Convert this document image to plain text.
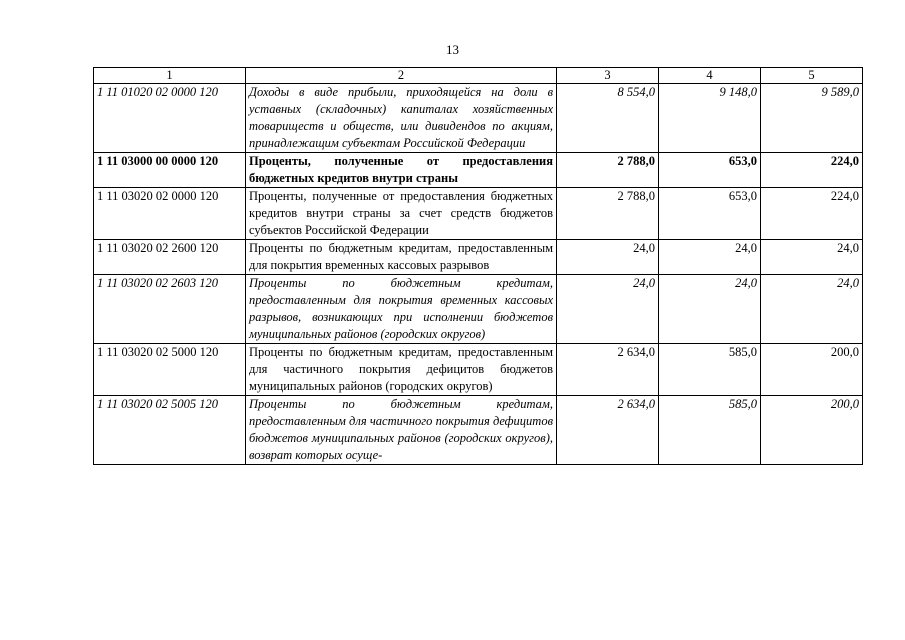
13
1	2	3	4	5
1 11 01020 02 0000 120	Доходы в виде прибыли, приходящейся на доли в уставных (складочных) капиталах хозяйственных товариществ и обществ, или дивидендов по акциям, принадлежащим субъектам Российской Федерации	8 554,0	9 148,0	9 589,0
1 11 03000 00 0000 120	Проценты, полученные от предоставления бюджетных кредитов внутри страны	2 788,0	653,0	224,0
1 11 03020 02 0000 120	Проценты, полученные от предоставления бюджетных кредитов внутри страны за счет средств бюджетов субъектов Российской Федерации	2 788,0	653,0	224,0
1 11 03020 02 2600 120	Проценты по бюджетным кредитам, предоставленным для покрытия временных кассовых разрывов	24,0	24,0	24,0
1 11 03020 02 2603 120	Проценты по бюджетным кредитам, предоставленным для покрытия временных кассовых разрывов, возникающих при исполнении бюджетов муниципальных районов (городских округов)	24,0	24,0	24,0
1 11 03020 02 5000 120	Проценты по бюджетным кредитам, предоставленным для частичного покрытия дефицитов бюджетов муниципальных районов (городских округов)	2 634,0	585,0	200,0
1 11 03020 02 5005 120	Проценты по бюджетным кредитам, предоставленным для частичного покрытия дефицитов бюджетов муниципальных районов (городских округов), возврат которых осуще-	2 634,0	585,0	200,0
